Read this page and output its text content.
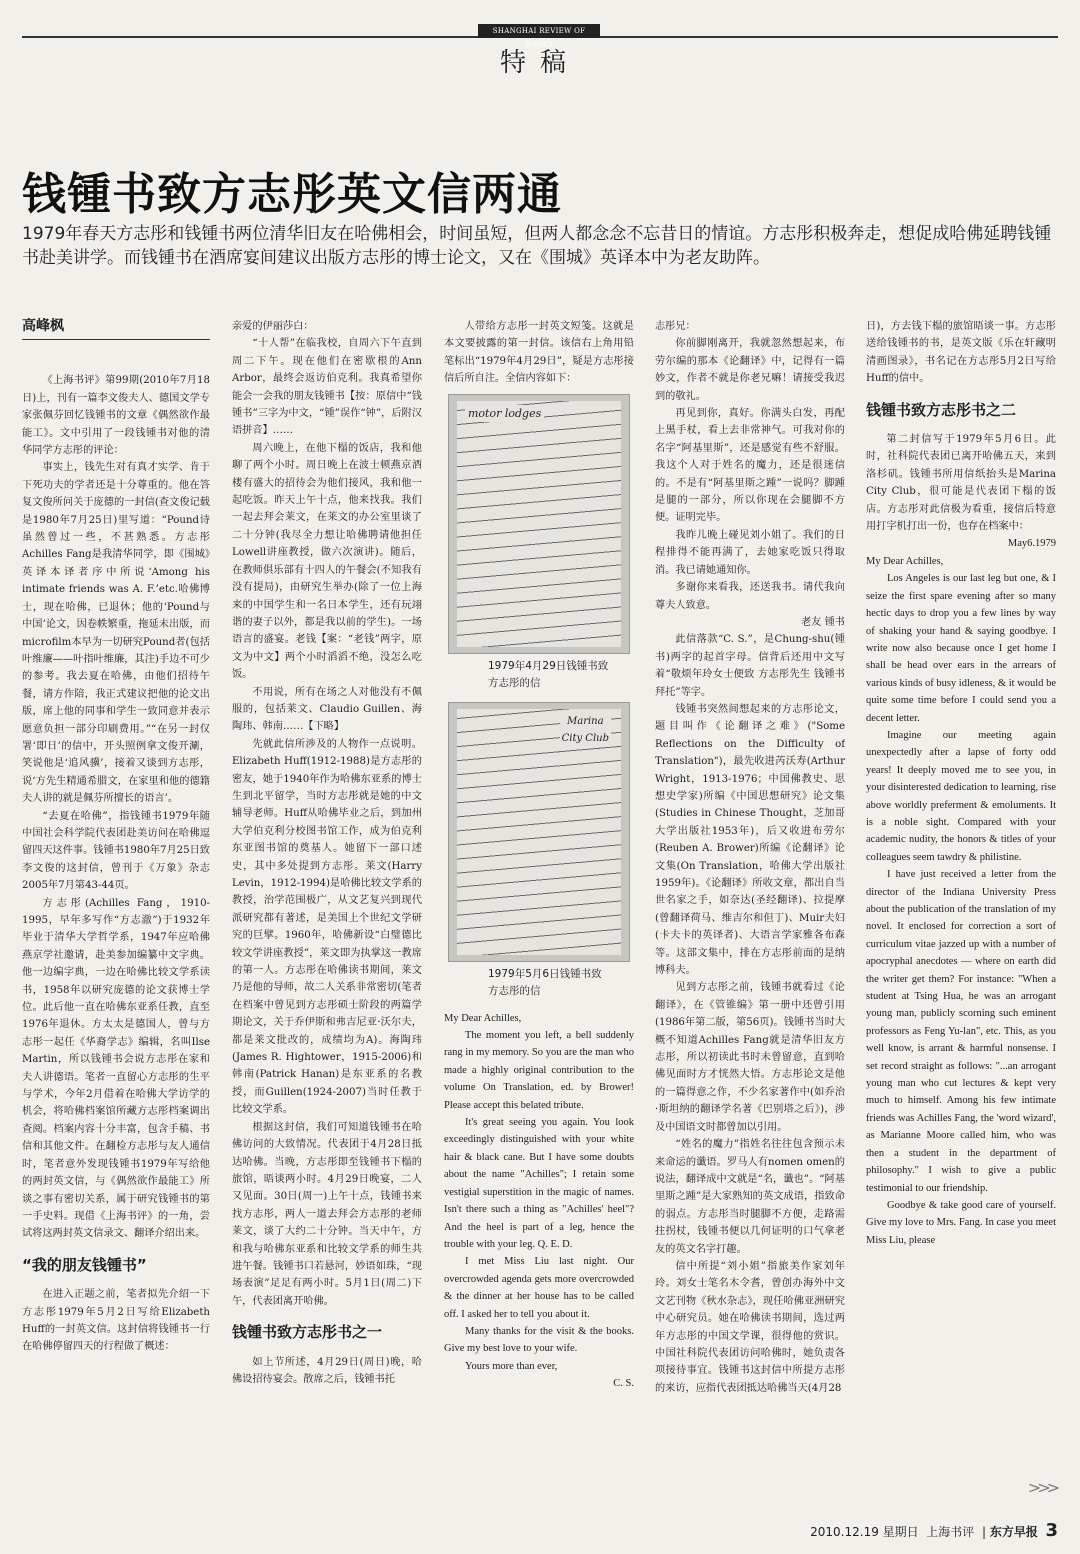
SHANGHAI REVIEW OF BOOKS
特稿
钱锺书致方志彤英文信两通

1979年春天方志彤和钱锺书两位清华旧友在哈佛相会，时间虽短，但两人都念念不忘昔日的情谊。方志彤积极奔走，想促成哈佛延聘钱锺书赴美讲学。而钱锺书在酒席宴间建议出版方志彤的博士论文，又在《围城》英译本中为老友助阵。

高峰枫

《上海书评》第99期(2010年7月18日)上，刊有一篇李文俊夫人、德国文学专家张佩芬回忆钱锺书的文章《偶然欲作最能工》。文中引用了一段钱锺书对他的清华同学方志彤的评论：

事实上，钱先生对有真才实学、肯于下死功夫的学者还是十分尊重的。他在答复文俊所问关于庞德的一封信(查文俊记载是1980年7月25日)里写道：“Pound诗虽然曾过一些，不甚熟悉。方志彤 Achilles Fang是我清华同学，即《围城》英译本译者序中所说‘Among his intimate friends was A. F.’etc.哈佛博士，现在哈佛，已退休；他的‘Pound与中国’论文，因卷帙繁重，拖延未出版，而microfilm本早为一切研究Pound者(包括叶维廉——叶指叶维廉，其注)手边不可少的参考。我去夏在哈佛，由他们招待午餐，请方作陪，我正式建议把他的论文出版，席上他的同事和学生一致同意并表示愿意负担一部分印刷费用。”“在另一封仅署‘即日’的信中，开头照例拿文俊开涮，笑说他是‘追风骥’，接着又谈到方志彤，说‘方先生精通希腊文，在家里和他的德籍夫人讲的就是佩芬所擅长的语言’。

“去夏在哈佛”，指钱锺书1979年随中国社会科学院代表团赴美访问在哈佛逗留四天这件事。钱锺书1980年7月25日致李文俊的这封信，曾刊于《万象》杂志2005年7月第43-44页。

方志彤(Achilles Fang，1910-1995，早年多写作“方志澈”)于1932年毕业于清华大学哲学系，1947年应哈佛燕京学社邀请，赴美参加编纂中文字典。他一边编字典，一边在哈佛比较文学系读书，1958年以研究庞德的论文获博士学位。此后他一直在哈佛东亚系任教，直至1976年退休。方太太是德国人，曾与方志彤一起任《华裔学志》编辑，名叫Ilse Martin，所以钱锺书会说方志彤在家和夫人讲德语。笔者一直留心方志彤的生平与学术，今年2月借着在哈佛大学访学的机会，将哈佛档案馆所藏方志彤档案调出查阅。档案内容十分丰富，包含手稿、书信和其他文件。在翻检方志彤与友人通信时，笔者意外发现钱锺书1979年写给他的两封英文信，与《偶然欲作最能工》所谈之事有密切关系，属于研究钱锺书的第一手史料。现借《上海书评》的一角，尝试将这两封英文信录文、翻译介绍出来。

“我的朋友钱锺书”

在进入正题之前，笔者拟先介绍一下方志彤1979年5月2日写给Elizabeth Huff的一封英文信。这封信将钱锺书一行在哈佛停留四天的行程做了概述：

亲爱的伊丽莎白：

“十人帮”在临我校，自周六下午直到周二下午。现在他们在密歇根的Ann Arbor，最终会返访伯克利。我真希望你能会一会我的朋友钱锺书【按：原信中“钱锺书”三字为中文，“锺”误作“钟”，后附汉语拼音】……

周六晚上，在他下榻的饭店，我和他聊了两个小时。周日晚上在波士顿燕京酒楼有盛大的招待会为他们接风，我和他一起吃饭。昨天上午十点，他来找我。我们一起去拜会莱文，在莱文的办公室里谈了二十分钟(我尽全力想让哈佛聘请他担任Lowell讲座教授，做六次演讲)。随后，在教师俱乐部有十四人的午餐会(不知我有没有提局)，由研究生举办(除了一位上海来的中国学生和一名日本学生，还有玩翊谐的妻子以外，都是我以前的学生)。一场语言的盛宴。老钱【案：“老钱”两字，原文为中文】两个小时滔滔不绝，没怎么吃饭。

不用说，所有在场之人对他没有不佩服的，包括莱文、Claudio Guillen、海陶玮、韩南……【下略】

先就此信所涉及的人物作一点说明。Elizabeth Huff(1912-1988)是方志彤的密友，她于1940年作为哈佛东亚系的博士生到北平留学，当时方志彤就是她的中文辅导老师。Huff从哈佛毕业之后，到加州大学伯克利分校图书馆工作，成为伯克利东亚图书馆的奠基人。她留下一部口述史，其中多处提到方志彤。莱文(Harry Levin，1912-1994)是哈佛比较文学系的教授，治学范围极广，从文艺复兴到现代派研究都有著述，是美国上个世纪文学研究的巨擘。1960年，哈佛新设“白璧德比较文学讲座教授”，莱文即为执掌这一教席的第一人。方志彤在哈佛读书期间，莱文乃是他的导师，故二人关系非常密切(笔者在档案中曾见到方志彤硕士阶段的两篇学期论文，关于乔伊斯和弗吉尼亚·沃尔夫，都是莱文批改的，成绩均为A)。海陶玮(James R. Hightower，1915-2006)和韩南(Patrick Hanan)是东亚系的名教授，而Guillen(1924-2007)当时任教于比较文学系。

根据这封信，我们可知道钱锺书在哈佛访问的大致情况。代表团于4月28日抵达哈佛。当晚，方志彤即至钱锺书下榻的旅馆，晤谈两小时。4月29日晚宴，二人又见面。30日(周一)上午十点，钱锺书来找方志彤，两人一道去拜会方志彤的老师莱文，谈了大约二十分钟。当天中午，方和我与哈佛东亚系和比较文学系的师生共进午餐。钱锺书口若悬河，妙语如珠，“现场表演”足足有两小时。5月1日(周二)下午，代表团离开哈佛。

钱锺书致方志彤书之一

如上节所述，4月29日(周日)晚，哈佛设招待宴会。散席之后，钱锺书托

人带给方志彤一封英文短笺。这就是本文要披露的第一封信。该信右上角用铅笔标出“1979年4月29日”，疑是方志彤接信后所自注。全信内容如下：

motor lodges
1979年4月29日钱锺书致
方志彤的信
Marina
City Club
1979年5月6日钱锺书致
方志彤的信

My Dear Achilles,

The moment you left, a bell suddenly rang in my memory. So you are the man who made a highly original contribution to the volume On Translation, ed. by Brower! Please accept this belated tribute.

It's great seeing you again. You look exceedingly distinguished with your white hair & black cane. But I have some doubts about the name "Achilles"; I retain some vestigial superstition in the magic of names. Isn't there such a thing as "Achilles' heel"? And the heel is part of a leg, hence the trouble with your leg. Q. E. D.

I met Miss Liu last night. Our overcrowded agenda gets more overcrowded & the dinner at her house has to be called off. I asked her to tell you about it.

Many thanks for the visit & the books. Give my best love to your wife.

Yours more than ever,

C. S.

志彤兄：

你前脚刚离开，我就忽然想起来，布劳尔编的那本《论翻译》中，记得有一篇妙文，作者不就是你老兄嘛！请接受我迟到的敬礼。

再见到你，真好。你满头白发，再配上黑手杖，看上去非常神气。可我对你的名字“阿基里斯”，还是感觉有些不舒服。我这个人对于姓名的魔力，还是很迷信的。不是有“阿基里斯之踵”一说吗？脚踵是腿的一部分，所以你现在会腿脚不方便。证明完毕。

我昨儿晚上碰见刘小姐了。我们的日程排得不能再满了，去她家吃饭只得取消。我已请她通知你。

多谢你来看我，还送我书。请代我向尊夫人致意。

老友 锺书

此信落款“C. S.”，是Chung-shu(锺书)两字的起首字母。信背后还用中文写着“敬烦年玲女士便致 方志彤先生 钱锺书拜托”等字。

钱锺书突然间想起来的方志彤论文，题目叫作《论翻译之难》("Some Reflections on the Difficulty of Translation")，最先收进芮沃寿(Arthur Wright，1913-1976；中国佛教史、思想史学家)所编《中国思想研究》论文集(Studies in Chinese Thought，芝加哥大学出版社1953年)，后又收进布劳尔(Reuben A. Brower)所编《论翻译》论文集(On Translation，哈佛大学出版社1959年)。《论翻译》所收文章，都出自当世名家之手，如奈达(圣经翻译)、拉提摩(曾翻译荷马、维吉尔和但丁)、Muir夫妇(卡夫卡的英译者)、大语言学家雅各布森等。这部文集中，排在方志彤前面的是纳博科夫。

见到方志彤之前，钱锺书就看过《论翻译》，在《管锥编》第一册中还曾引用(1986年第二版，第56页)。钱锺书当时大概不知道Achilles Fang就是清华旧友方志彤，所以初读此书时未曾留意，直到哈佛见面时方才恍然大悟。方志彤论文是他的一篇得意之作，不少名家著作中(如乔治·斯坦纳的翻译学名著《巴别塔之后》)，涉及中国语文时都曾加以引用。

“姓名的魔力”指姓名往往包含预示未来命运的谶语。罗马人有nomen omen的说法，翻译成中文就是“名，谶也”。“阿基里斯之踵”是大家熟知的英文成语，指致命的弱点。方志彤当时腿脚不方便，走路需拄拐杖，钱锺书便以几何证明的口气拿老友的英文名字打趣。

信中所提“刘小姐”指旅美作家刘年玲。刘女士笔名木令耆，曾创办海外中文文艺刊物《秋水杂志》，现任哈佛亚洲研究中心研究员。她在哈佛读书期间，选过两年方志彤的中国文学课，很得他的赏识。中国社科院代表团访问哈佛时，她负责各项接待事宜。钱锺书这封信中所提方志彤的来访，应指代表团抵达哈佛当天(4月28

日)，方去钱下榻的旅馆晤谈一事。方志彤送给钱锺书的书，是英文版《乐在轩藏明清画图录》，书名记在方志彤5月2日写给Huff的信中。

钱锺书致方志彤书之二

第二封信写于1979年5月6日。此时，社科院代表团已离开哈佛五天，来到洛杉矶。钱锺书所用信纸抬头是Marina City Club，很可能是代表团下榻的饭店。方志彤对此信极为看重，接信后特意用打字机打出一份，也存在档案中：

May6.1979

My Dear Achilles,

Los Angeles is our last leg but one, & I seize the first spare evening after so many hectic days to drop you a few lines by way of shaking your hand & saying goodbye. I write now also because once I get home I shall be head over ears in the arrears of various kinds of busy idleness, & it would be quite some time before I could send you a decent letter.

Imagine our meeting again unexpectedly after a lapse of forty odd years! It deeply moved me to see you, in your disinterested dedication to learning, rise above worldly preferment & emoluments. It is a noble sight. Compared with your academic nudity, the honors & titles of your colleagues seem tawdry & philistine.

I have just received a letter from the director of the Indiana University Press about the publication of the translation of my novel. It enclosed for correction a sort of curriculum vitae jazzed up with a number of apocryphal anecdotes — where on earth did the writer get them? For instance: "When a student at Tsing Hua, he was an arrogant young man, publicly scorning such eminent professors as Feng Yu-lan", etc. This, as you well know, is arrant & harmful nonsense. I set record straight as follows: "...an arrogant young man who cut lectures & kept very much to himself. Among his few intimate friends was Achilles Fang, the 'word wizard', as Marianne Moore called him, who was then a student in the department of philosophy." I wish to give a public testimonial to our friendship.

Goodbye & take good care of yourself. Give my love to Mrs. Fang. In case you meet Miss Liu, please

>>>
2010.12.19 星期日 上海书评  | 东方早报 3
